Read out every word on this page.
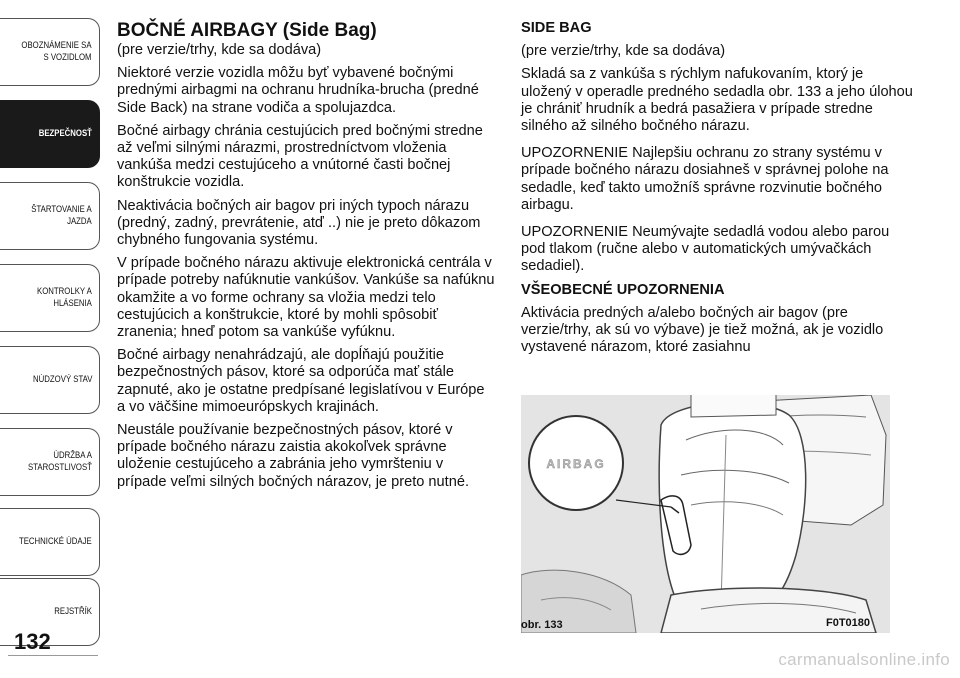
OBOZNÁMENIE SA
S VOZIDLOM
BEZPEČNOSŤ
ŠTARTOVANIE A
JAZDA
KONTROLKY A
HLÁSENIA
NÚDZOVÝ STAV
ÚDRŽBA A
STAROSTLIVOSŤ
TECHNICKÉ ÚDAJE
REJSTŘÍK
132
BOČNÉ AIRBAGY (Side Bag)

(pre verzie/trhy, kde sa dodáva)

Niektoré verzie vozidla môžu byť vybavené bočnými prednými airbagmi na ochranu hrudníka-brucha (predné Side Back) na strane vodiča a spolujazdca.

Bočné airbagy chránia cestujúcich pred bočnými stredne až veľmi silnými nárazmi, prostredníctvom vloženia vankúša medzi cestujúceho a vnútorné časti bočnej konštrukcie vozidla.

Neaktivácia bočných air bagov pri iných typoch nárazu (predný, zadný, prevrátenie, atď ..) nie je preto dôkazom chybného fungovania systému.

V prípade bočného nárazu aktivuje elektronická centrála v prípade potreby nafúknutie vankúšov. Vankúše sa nafúknu okamžite a vo forme ochrany sa vložia medzi telo cestujúcich a konštrukcie, ktoré by mohli spôsobiť zranenia; hneď potom sa vankúše vyfúknu.

Bočné airbagy nenahrádzajú, ale dopĺňajú použitie bezpečnostných pásov, ktoré sa odporúča mať stále zapnuté, ako je ostatne predpísané legislatívou v Európe a vo väčšine mimoeurópskych krajinách.

Neustále používanie bezpečnostných pásov, ktoré v prípade bočného nárazu zaistia akokoľvek správne uloženie cestujúceho a zabránia jeho vymršteniu v prípade veľmi silných bočných nárazov, je preto nutné.

SIDE BAG

(pre verzie/trhy, kde sa dodáva)

Skladá sa z vankúša s rýchlym nafukovaním, ktorý je uložený v operadle predného sedadla obr. 133 a jeho úlohou je chrániť hrudník a bedrá pasažiera v prípade stredne silného až silného bočného nárazu.

UPOZORNENIE Najlepšiu ochranu zo strany systému v prípade bočného nárazu dosiahneš v správnej polohe na sedadle, keď takto umožníš správne rozvinutie bočného airbagu.

UPOZORNENIE Neumývajte sedadlá vodou alebo parou pod tlakom (ručne alebo v automatických umývačkách sedadiel).

VŠEOBECNÉ UPOZORNENIA

Aktivácia predných a/alebo bočných air bagov (pre verzie/trhy, ak sú vo výbave) je tiež možná, ak je vozidlo vystavené nárazom, ktoré zasiahnu

AIRBAG
obr. 133	F0T0180
carmanualsonline.info
